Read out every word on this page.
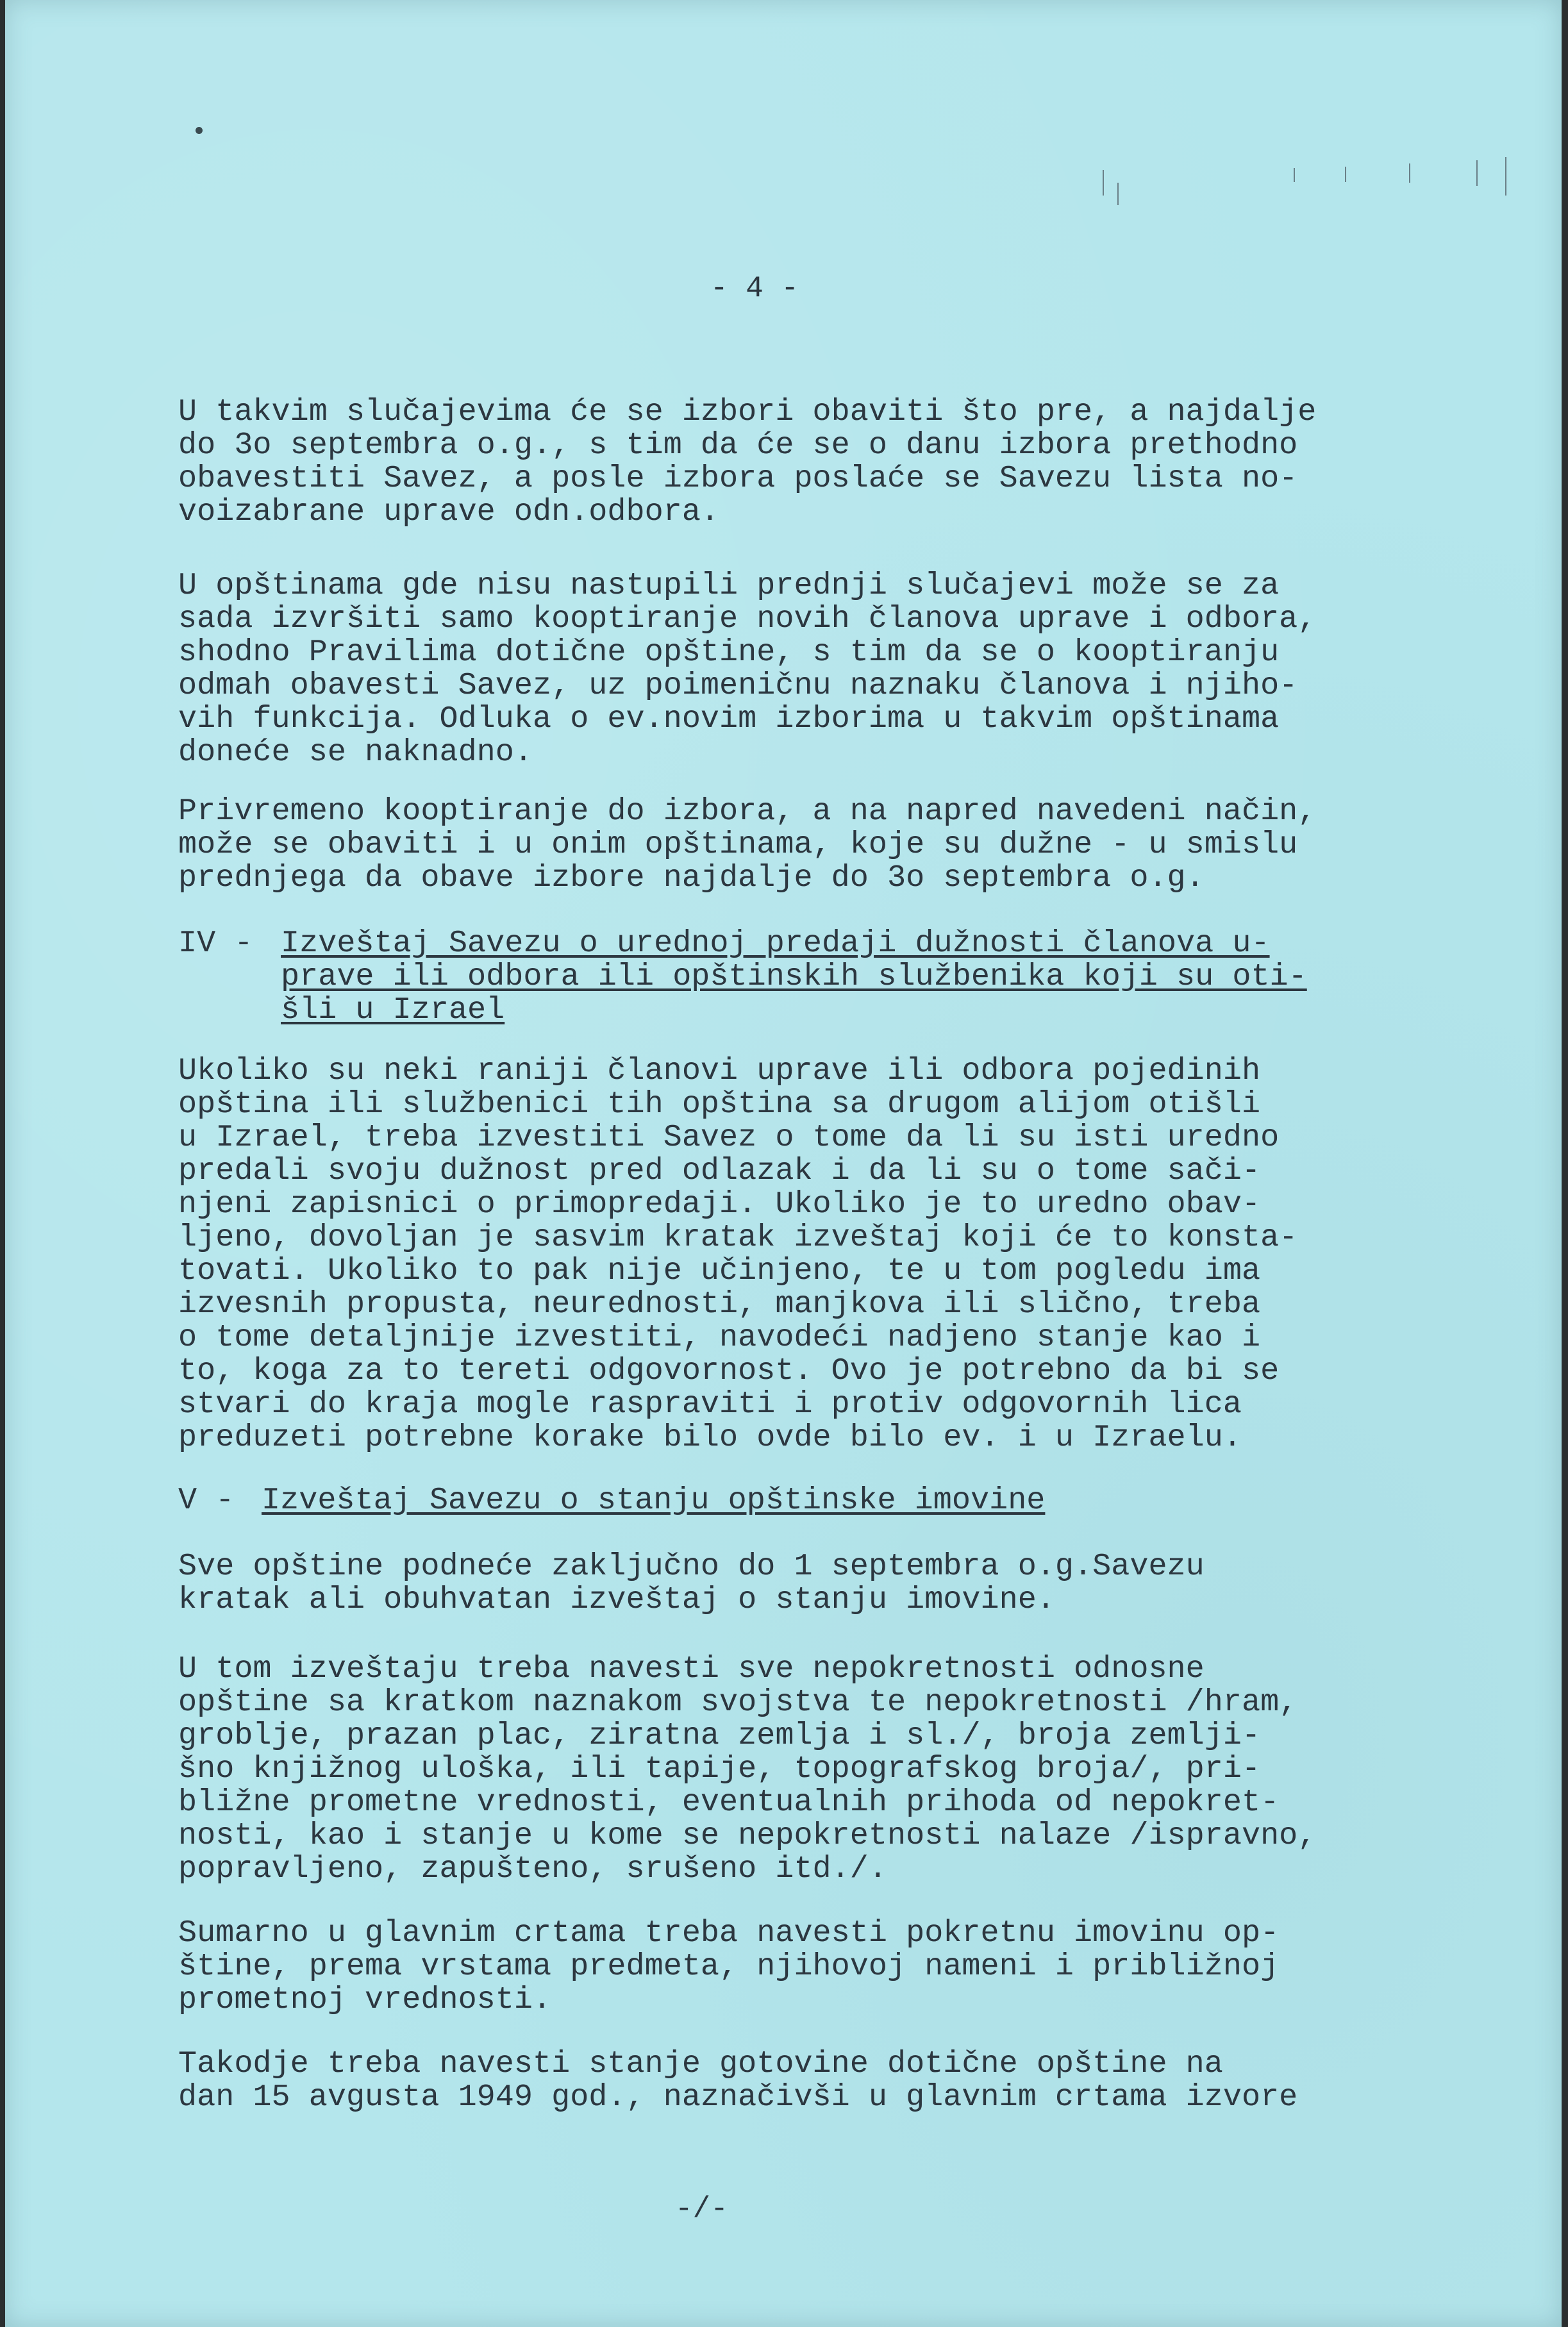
- 4 -

U takvim slučajevima će se izbori obaviti što pre, a najdalje

do 3o septembra o.g., s tim da će se o danu izbora prethodno

obavestiti Savez, a posle izbora poslaće se Savezu lista no-

voizabrane uprave odn.odbora.

U opštinama gde nisu nastupili prednji slučajevi može se za

sada izvršiti samo kooptiranje novih članova uprave i odbora,

shodno Pravilima dotične opštine, s tim da se o kooptiranju

odmah obavesti Savez, uz poimeničnu naznaku članova i njiho-

vih funkcija. Odluka o ev.novim izborima u takvim opštinama

doneće se naknadno.

Privremeno kooptiranje do izbora, a na napred navedeni način,

može se obaviti i u onim opštinama, koje su dužne - u smislu

prednjega da obave izbore najdalje do 3o septembra o.g.

IV - Izveštaj Savezu o urednoj predaji dužnosti članova u-

prave ili odbora ili opštinskih službenika koji su oti-

šli u Izrael

Ukoliko su neki raniji članovi uprave ili odbora pojedinih

opština ili službenici tih opština sa drugom alijom otišli

u Izrael, treba izvestiti Savez o tome da li su isti uredno

predali svoju dužnost pred odlazak i da li su o tome sači-

njeni zapisnici o primopredaji. Ukoliko je to uredno obav-

ljeno, dovoljan je sasvim kratak izveštaj koji će to konsta-

tovati. Ukoliko to pak nije učinjeno, te u tom pogledu ima

izvesnih propusta, neurednosti, manjkova ili slično, treba

o tome detaljnije izvestiti, navodeći nadjeno stanje kao i

to, koga za to tereti odgovornost. Ovo je potrebno da bi se

stvari do kraja mogle raspraviti i protiv odgovornih lica

preduzeti potrebne korake bilo ovde bilo ev. i u Izraelu.

V - Izveštaj Savezu o stanju opštinske imovine

Sve opštine podneće zaključno do 1 septembra o.g.Savezu

kratak ali obuhvatan izveštaj o stanju imovine.

U tom izveštaju treba navesti sve nepokretnosti odnosne

opštine sa kratkom naznakom svojstva te nepokretnosti /hram,

groblje, prazan plac, ziratna zemlja i sl./, broja zemlji-

šno knjižnog uloška, ili tapije, topografskog broja/, pri-

bližne prometne vrednosti, eventualnih prihoda od nepokret-

nosti, kao i stanje u kome se nepokretnosti nalaze /ispravno,

popravljeno, zapušteno, srušeno itd./.

Sumarno u glavnim crtama treba navesti pokretnu imovinu op-

štine, prema vrstama predmeta, njihovoj nameni i približnoj

prometnoj vrednosti.

Takodje treba navesti stanje gotovine dotične opštine na

dan 15 avgusta 1949 god., naznačivši u glavnim crtama izvore

-/-
